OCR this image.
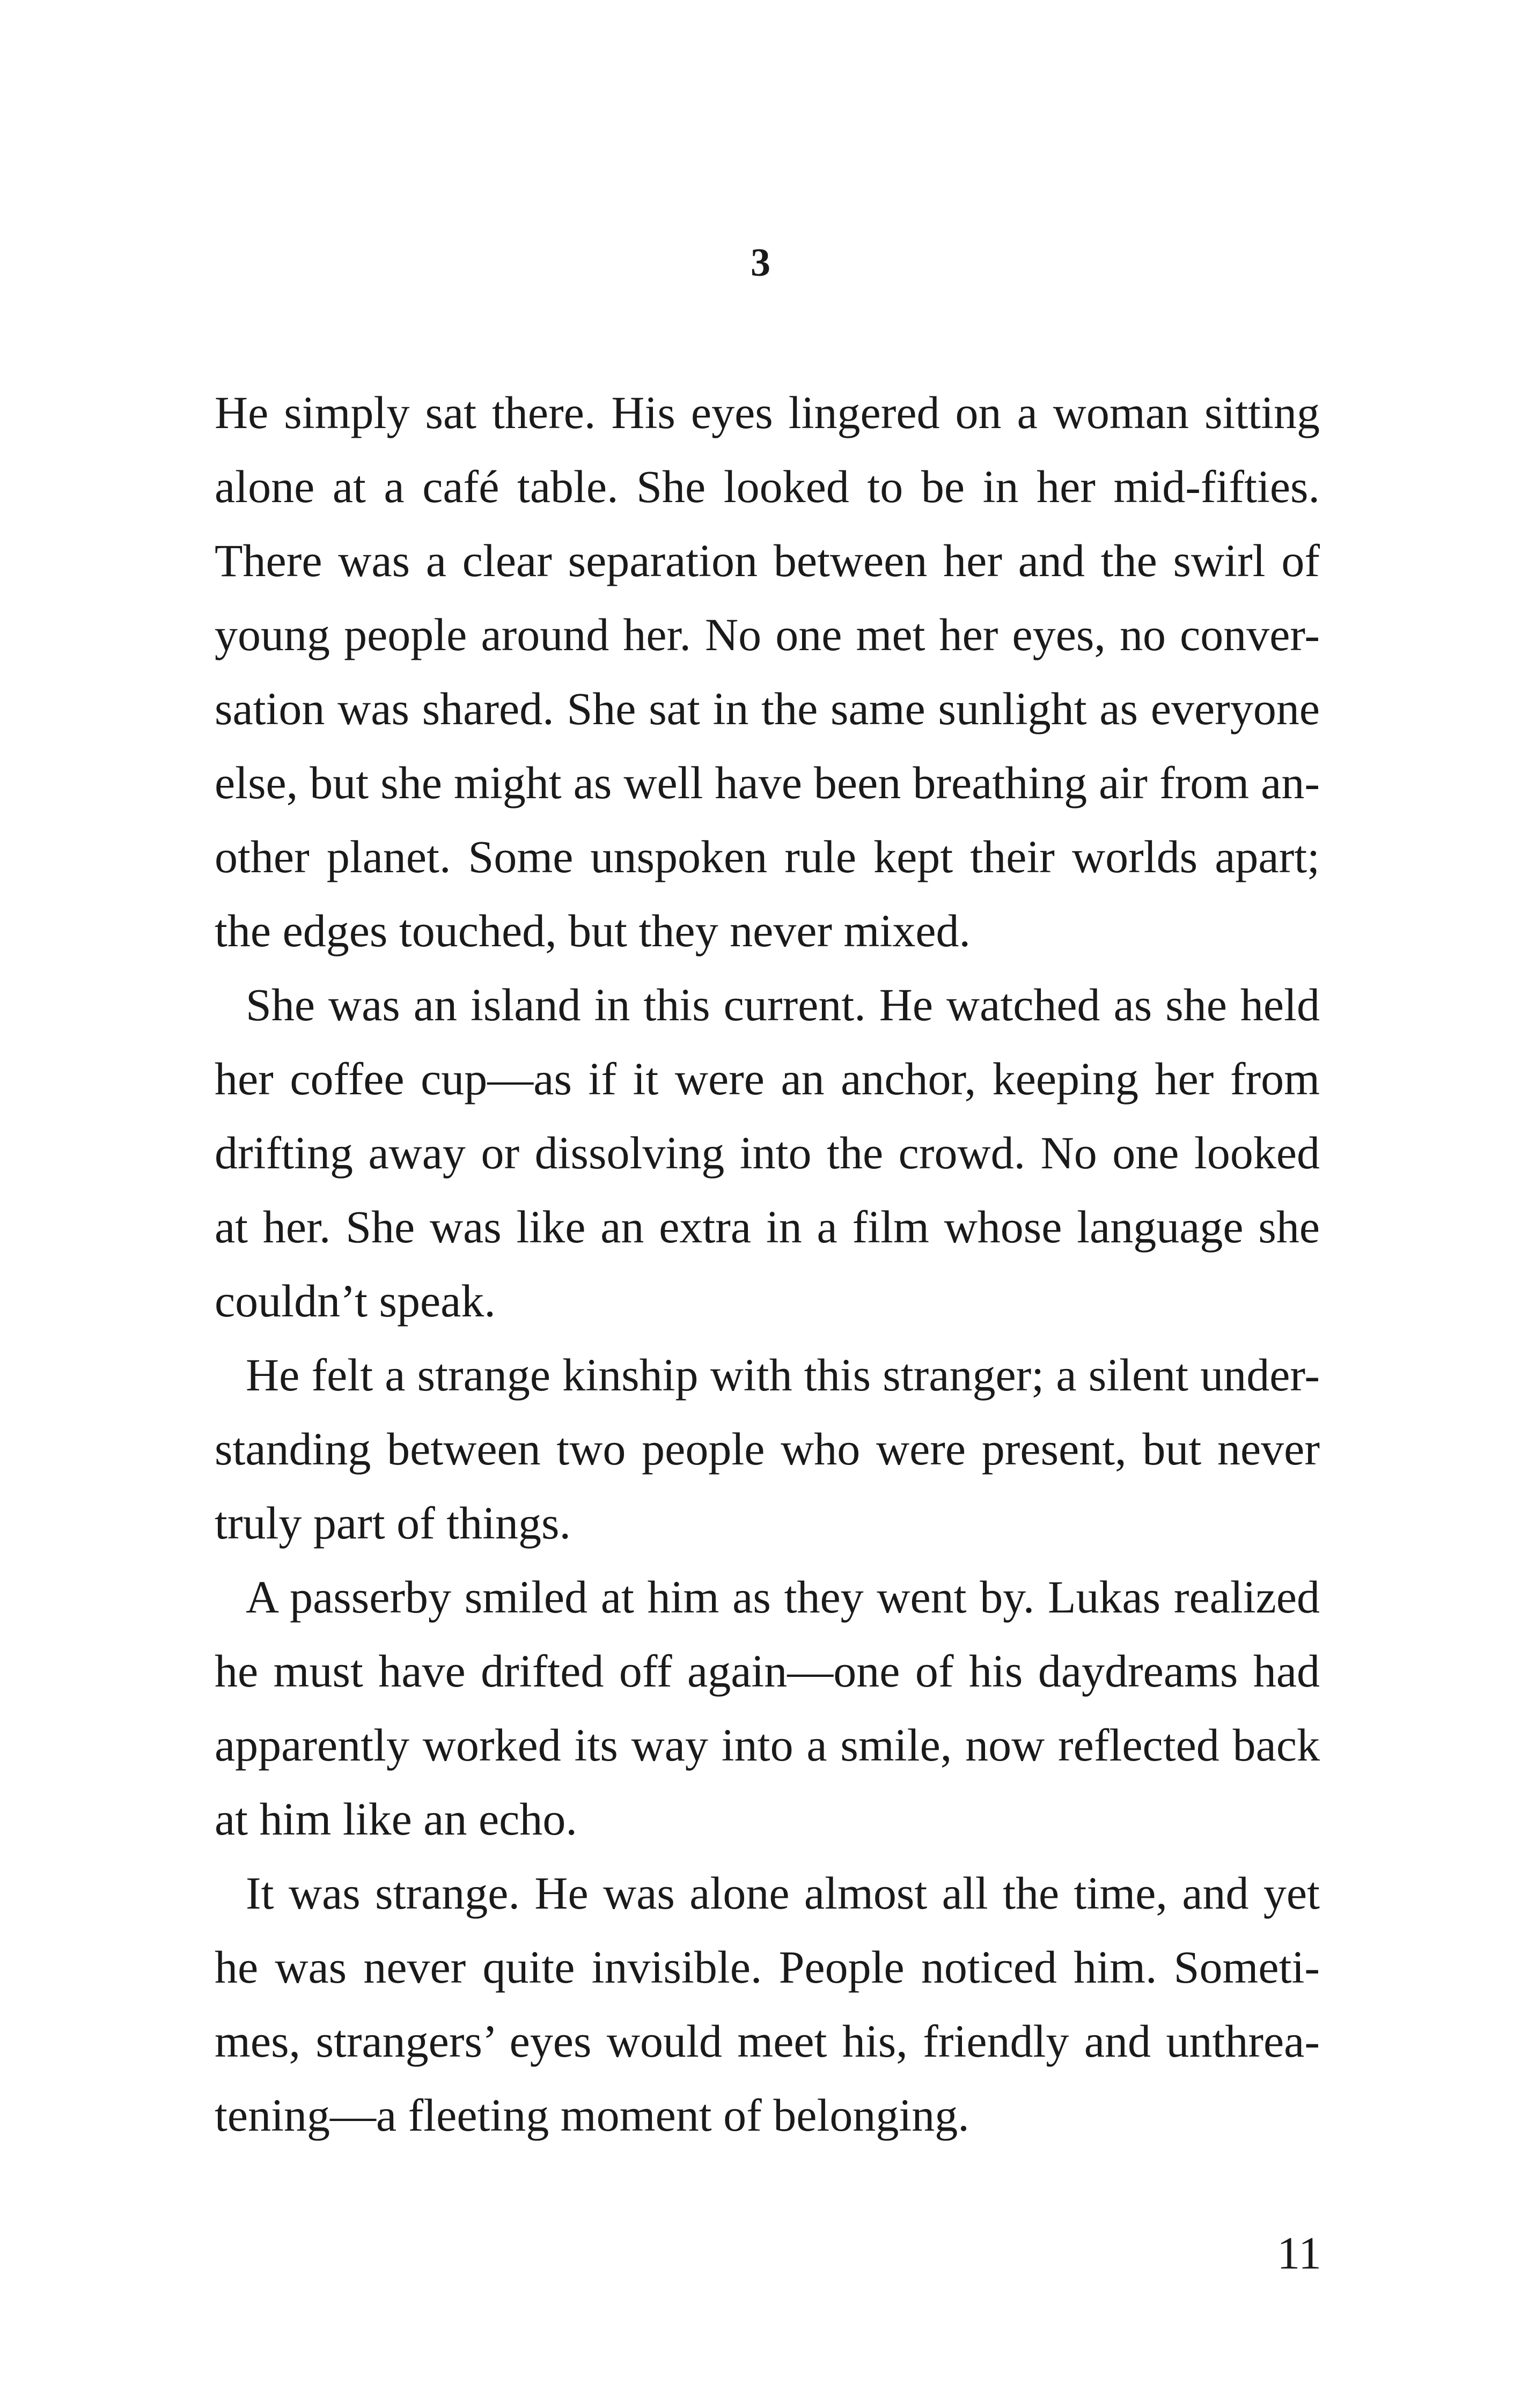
3

He simply sat there. His eyes lingered on a woman sitting
alone at a café table. She looked to be in her mid-fifties.
There was a clear separation between her and the swirl of
young people around her. No one met her eyes, no conver-
sation was shared. She sat in the same sunlight as everyone
else, but she might as well have been breathing air from an-
other planet. Some unspoken rule kept their worlds apart;
the edges touched, but they never mixed.

She was an island in this current. He watched as she held
her coffee cup—as if it were an anchor, keeping her from
drifting away or dissolving into the crowd. No one looked
at her. She was like an extra in a film whose language she
couldn’t speak.

He felt a strange kinship with this stranger; a silent under-
standing between two people who were present, but never
truly part of things.

A passerby smiled at him as they went by. Lukas realized
he must have drifted off again—one of his daydreams had
apparently worked its way into a smile, now reflected back
at him like an echo.

It was strange. He was alone almost all the time, and yet
he was never quite invisible. People noticed him. Someti-
mes, strangers’ eyes would meet his, friendly and unthrea-
tening—a fleeting moment of belonging.

11
